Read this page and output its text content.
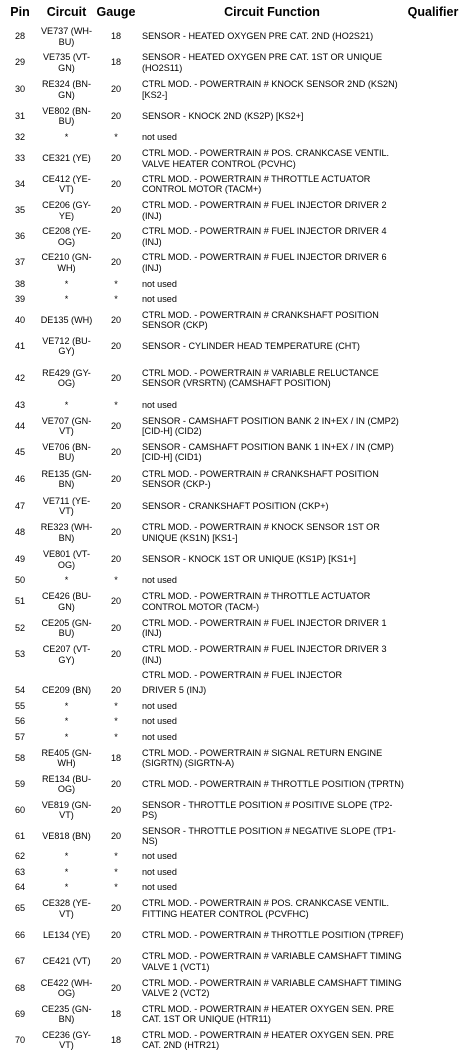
Pin	Circuit	Gauge	Circuit Function	Qualifier
28	VE737 (WH-BU)	18	SENSOR - HEATED OXYGEN PRE CAT. 2ND (HO2S21)	
29	VE735 (VT-GN)	18	SENSOR - HEATED OXYGEN PRE CAT. 1ST OR UNIQUE (HO2S11)	
30	RE324 (BN-GN)	20	CTRL MOD. - POWERTRAIN # KNOCK SENSOR 2ND (KS2N) [KS2-]	
31	VE802 (BN-BU)	20	SENSOR - KNOCK 2ND (KS2P) [KS2+]	
32	*	*	not used	
33	CE321 (YE)	20	CTRL MOD. - POWERTRAIN # POS. CRANKCASE VENTIL. VALVE HEATER CONTROL (PCVHC)	
34	CE412 (YE-VT)	20	CTRL MOD. - POWERTRAIN # THROTTLE ACTUATOR CONTROL MOTOR (TACM+)	
35	CE206 (GY-YE)	20	CTRL MOD. - POWERTRAIN # FUEL INJECTOR DRIVER 2 (INJ)	
36	CE208 (YE-OG)	20	CTRL MOD. - POWERTRAIN # FUEL INJECTOR DRIVER 4 (INJ)	
37	CE210 (GN-WH)	20	CTRL MOD. - POWERTRAIN # FUEL INJECTOR DRIVER 6 (INJ)	
38	*	*	not used	
39	*	*	not used	
40	DE135 (WH)	20	CTRL MOD. - POWERTRAIN # CRANKSHAFT POSITION SENSOR (CKP)	
41	VE712 (BU-GY)	20	SENSOR - CYLINDER HEAD TEMPERATURE (CHT)	
42	RE429 (GY-OG)	20	CTRL MOD. - POWERTRAIN # VARIABLE RELUCTANCE SENSOR (VRSRTN) (CAMSHAFT POSITION)	
43	*	*	not used	
44	VE707 (GN-VT)	20	SENSOR - CAMSHAFT POSITION BANK 2 IN+EX / IN (CMP2) [CID-H] (CID2)	
45	VE706 (BN-BU)	20	SENSOR - CAMSHAFT POSITION BANK 1 IN+EX / IN (CMP) [CID-H] (CID1)	
46	RE135 (GN-BN)	20	CTRL MOD. - POWERTRAIN # CRANKSHAFT POSITION SENSOR (CKP-)	
47	VE711 (YE-VT)	20	SENSOR - CRANKSHAFT POSITION (CKP+)	
48	RE323 (WH-BN)	20	CTRL MOD. - POWERTRAIN # KNOCK SENSOR 1ST OR UNIQUE (KS1N) [KS1-]	
49	VE801 (VT-OG)	20	SENSOR - KNOCK 1ST OR UNIQUE (KS1P) [KS1+]	
50	*	*	not used	
51	CE426 (BU-GN)	20	CTRL MOD. - POWERTRAIN # THROTTLE ACTUATOR CONTROL MOTOR (TACM-)	
52	CE205 (GN-BU)	20	CTRL MOD. - POWERTRAIN # FUEL INJECTOR DRIVER 1 (INJ)	
53	CE207 (VT-GY)	20	CTRL MOD. - POWERTRAIN # FUEL INJECTOR DRIVER 3 (INJ)	
			CTRL MOD. - POWERTRAIN # FUEL INJECTOR	
54	CE209 (BN)	20	DRIVER 5 (INJ)	
55	*	*	not used	
56	*	*	not used	
57	*	*	not used	
58	RE405 (GN-WH)	18	CTRL MOD. - POWERTRAIN # SIGNAL RETURN ENGINE (SIGRTN) (SIGRTN-A)	
59	RE134 (BU-OG)	20	CTRL MOD. - POWERTRAIN # THROTTLE POSITION (TPRTN)	
60	VE819 (GN-VT)	20	SENSOR - THROTTLE POSITION # POSITIVE SLOPE (TP2-PS)	
61	VE818 (BN)	20	SENSOR - THROTTLE POSITION # NEGATIVE SLOPE (TP1-NS)	
62	*	*	not used	
63	*	*	not used	
64	*	*	not used	
65	CE328 (YE-VT)	20	CTRL MOD. - POWERTRAIN # POS. CRANKCASE VENTIL. FITTING HEATER CONTROL (PCVFHC)	
66	LE134 (YE)	20	CTRL MOD. - POWERTRAIN # THROTTLE POSITION (TPREF)	
67	CE421 (VT)	20	CTRL MOD. - POWERTRAIN # VARIABLE CAMSHAFT TIMING VALVE 1 (VCT1)	
68	CE422 (WH-OG)	20	CTRL MOD. - POWERTRAIN # VARIABLE CAMSHAFT TIMING VALVE 2 (VCT2)	
69	CE235 (GN-BN)	18	CTRL MOD. - POWERTRAIN # HEATER OXYGEN SEN. PRE CAT. 1ST OR UNIQUE (HTR11)	
70	CE236 (GY-VT)	18	CTRL MOD. - POWERTRAIN # HEATER OXYGEN SEN. PRE CAT. 2ND (HTR21)	
